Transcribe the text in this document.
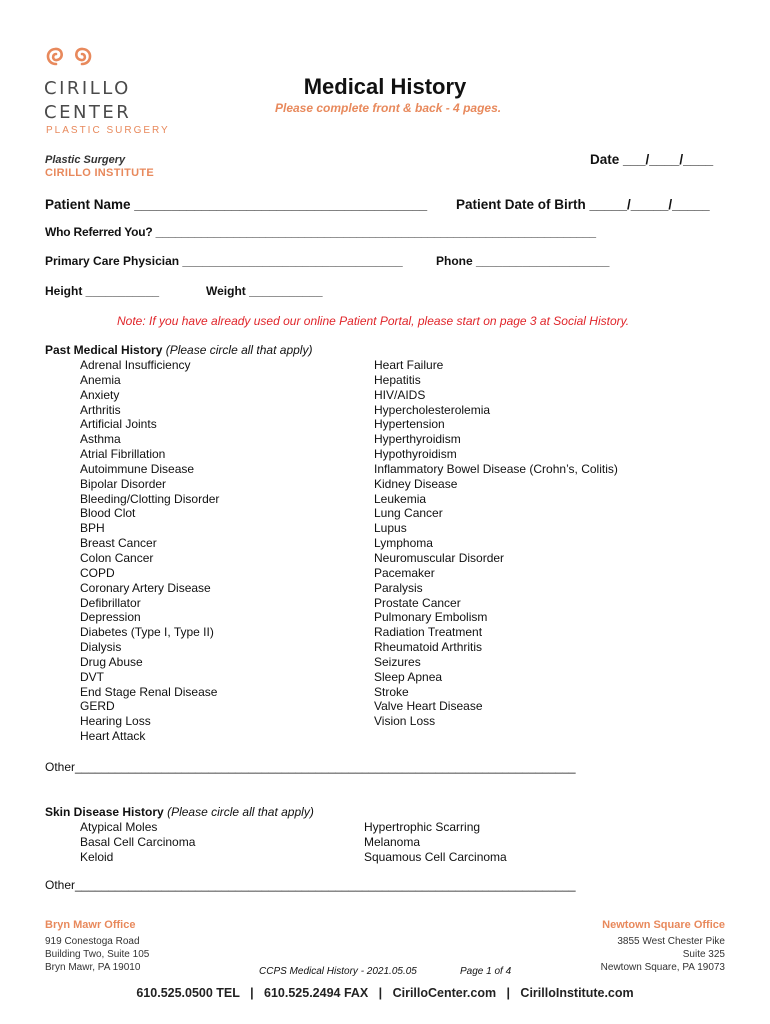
CIRILLO
CENTER
PLASTIC SURGERY
Plastic Surgery
CIRILLO INSTITUTE
Medical History
Please complete front & back - 4 pages.
Date ___/____/____
Patient Name _______________________________________ Patient Date of Birth _____/_____/_____
Who Referred You? ____________________________________________________________________
Primary Care Physician _________________________________	Phone ____________________
Height ___________	Weight ___________
Note: If you have already used our online Patient Portal, please start on page 3 at Social History.
Past Medical History (Please circle all that apply)
Adrenal Insufficiency
Anemia
Anxiety
Arthritis
Artificial Joints
Asthma
Atrial Fibrillation
Autoimmune Disease
Bipolar Disorder
Bleeding/Clotting Disorder
Blood Clot
BPH
Breast Cancer
Colon Cancer
COPD
Coronary Artery Disease
Defibrillator
Depression
Diabetes (Type I, Type II)
Dialysis
Drug Abuse
DVT
End Stage Renal Disease
GERD
Hearing Loss
Heart Attack
Heart Failure
Hepatitis
HIV/AIDS
Hypercholesterolemia
Hypertension
Hyperthyroidism
Hypothyroidism
Inflammatory Bowel Disease (Crohn’s, Colitis)
Kidney Disease
Leukemia
Lung Cancer
Lupus
Lymphoma
Neuromuscular Disorder
Pacemaker
Paralysis
Prostate Cancer
Pulmonary Embolism
Radiation Treatment
Rheumatoid Arthritis
Seizures
Sleep Apnea
Stroke
Valve Heart Disease
Vision Loss
Other___________________________________________________________________________
Skin Disease History (Please circle all that apply)
Atypical Moles
Basal Cell Carcinoma
Keloid
Hypertrophic Scarring
Melanoma
Squamous Cell Carcinoma
Other___________________________________________________________________________
Bryn Mawr Office
919 Conestoga Road
Building Two, Suite 105
Bryn Mawr, PA 19010
Newtown Square Office
3855 West Chester Pike
Suite 325
Newtown Square, PA 19073
CCPS Medical History - 2021.05.05	Page 1 of 4
610.525.0500 TEL   |   610.525.2494 FAX   |   CirilloCenter.com   |   CirilloInstitute.com
